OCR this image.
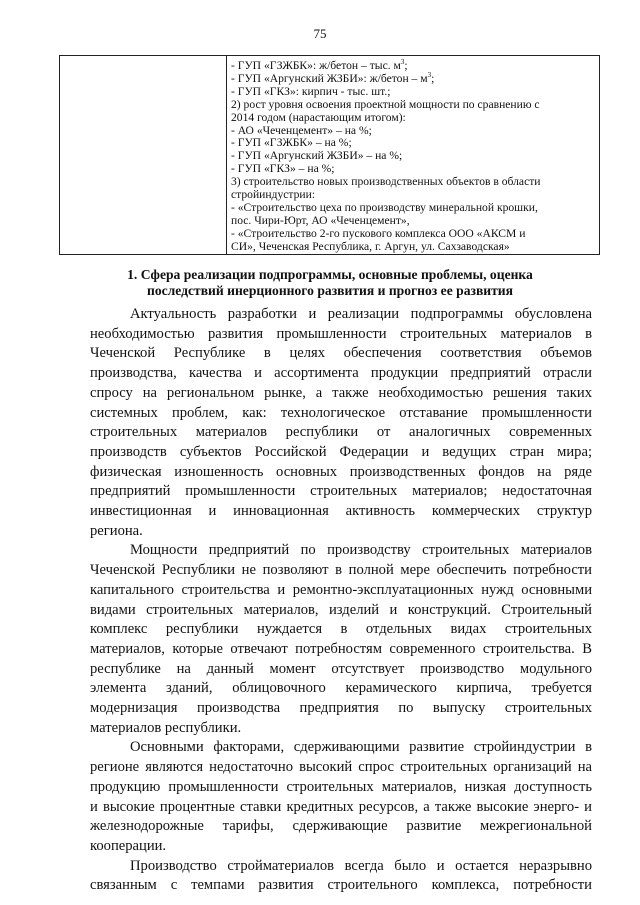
75
- ГУП «ГЗЖБК»: ж/бетон – тыс. $м^3$;
- ГУП «Аргунский ЖЗБИ»: ж/бетон – $м^3$;
- ГУП «ГКЗ»: кирпич - тыс. шт.;
2) рост уровня освоения проектной мощности по сравнению с
2014 годом (нарастающим итогом):
- АО «Чеченцемент» – на %;
- ГУП «ГЗЖБК» – на %;
- ГУП «Аргунский ЖЗБИ» – на %;
- ГУП «ГКЗ» – на %;
3) строительство новых производственных объектов в области
стройиндустрии:
- «Строительство цеха по производству минеральной крошки,
пос. Чири-Юрт, АО «Чеченцемент»,
- «Строительство 2-го пускового комплекса ООО «АКСМ и
СИ», Чеченская Республика, г. Аргун, ул. Сахзаводская»
1. Сфера реализации подпрограммы, основные проблемы, оценка
последствий инерционного развития и прогноз ее развития
Актуальность разработки и реализации подпрограммы обусловлена
необходимостью развития промышленности строительных материалов в
Чеченской Республике в целях обеспечения соответствия объемов
производства, качества и ассортимента продукции предприятий отрасли
спросу на региональном рынке, а также необходимостью решения таких
системных проблем, как: технологическое отставание промышленности
строительных материалов республики от аналогичных современных
производств субъектов Российской Федерации и ведущих стран мира;
физическая изношенность основных производственных фондов на ряде
предприятий промышленности строительных материалов; недостаточная
инвестиционная и инновационная активность коммерческих структур
региона.
Мощности предприятий по производству строительных материалов
Чеченской Республики не позволяют в полной мере обеспечить потребности
капитального строительства и ремонтно-эксплуатационных нужд основными
видами строительных материалов, изделий и конструкций. Строительный
комплекс республики нуждается в отдельных видах строительных
материалов, которые отвечают потребностям современного строительства. В
республике на данный момент отсутствует производство модульного
элемента зданий, облицовочного керамического кирпича, требуется
модернизация производства предприятия по выпуску строительных
материалов республики.
Основными факторами, сдерживающими развитие стройиндустрии в
регионе являются недостаточно высокий спрос строительных организаций на
продукцию промышленности строительных материалов, низкая доступность
и высокие процентные ставки кредитных ресурсов, а также высокие энерго- и
железнодорожные тарифы, сдерживающие развитие межрегиональной
кооперации.
Производство стройматериалов всегда было и остается неразрывно
связанным с темпами развития строительного комплекса, потребности
